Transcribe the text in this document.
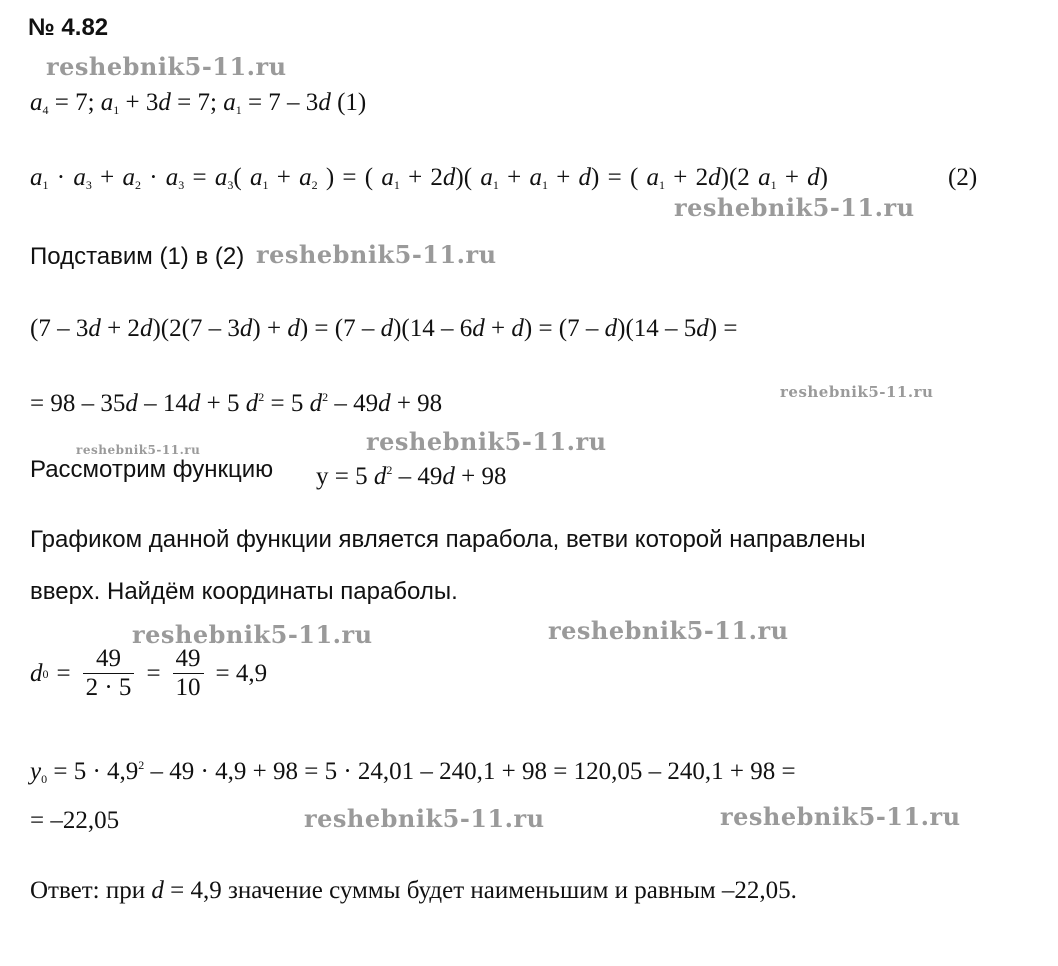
№ 4.82
reshebnik5-11.ru
$a_4 = 7$; $a_1 + 3d = 7$; $a_1 = 7 - 3d$ (1)
$a_1 \cdot a_3 + a_2 \cdot a_3 = a_3$( $a_1 + a_2$ ) = ( $a_1 + 2d$)( $a_1 + a_1 + d$) = ( $a_1 + 2d)(2$ $a_1 + d$)	(2)
reshebnik5-11.ru
Подставим (1) в (2) reshebnik5-11.ru
(7 – 3d + 2d)(2(7 – 3d) + d) = (7 – d)(14 – 6d + d) = (7 – d)(14 – 5d) =
= 98 – 35d – 14d + 5 $d^2 = 5$ $d^2 - 49d + 98$	reshebnik5-11.ru
reshebnik5-11.ru	reshebnik5-11.ru
Рассмотрим функцию y = 5 $d^2 - 49d + 98$
Графиком данной функции является парабола, ветви которой направлены
вверх. Найдём координаты параболы.
reshebnik5-11.ru	reshebnik5-11.ru
d $0 = \frac{49}{2 \cdot 5} = \frac{49}{10} = 4,9$
$y_0 = 5 \cdot 4,9^2 - 49 \cdot 4,9 + 98 = 5 \cdot 24,01 - 240,1 + 98 = 120,05 - 240,1 + 98$ =
= –22,05	reshebnik5-11.ru	reshebnik5-11.ru
Ответ: при d = 4,9 значение суммы будет наименьшим и равным –22,05.
